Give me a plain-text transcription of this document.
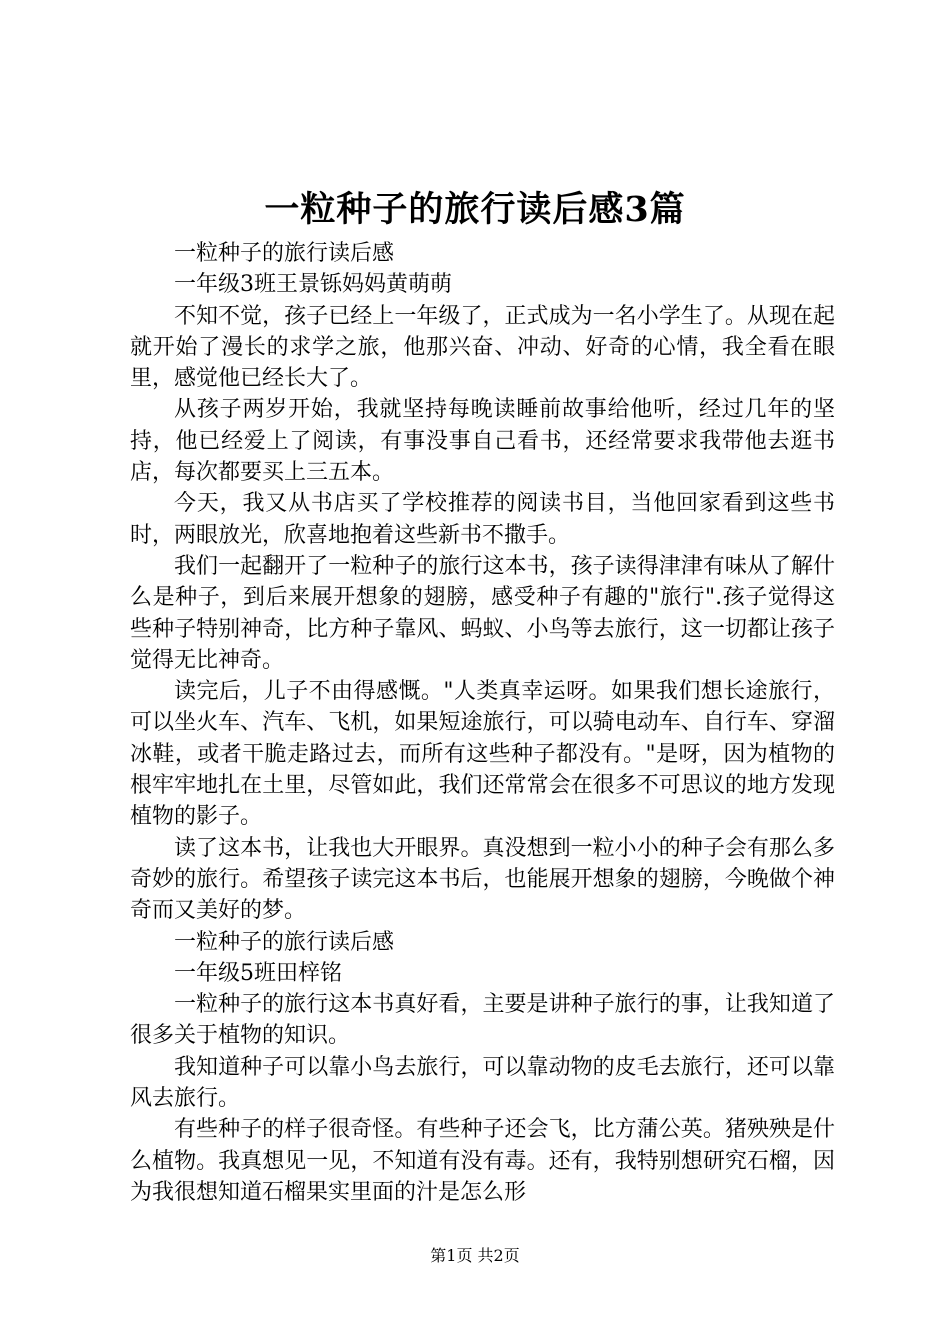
一粒种子的旅行读后感3篇

一粒种子的旅行读后感

一年级3班王景铄妈妈黄萌萌

不知不觉，孩子已经上一年级了，正式成为一名小学生了。从现在起就开始了漫长的求学之旅，他那兴奋、冲动、好奇的心情，我全看在眼里，感觉他已经长大了。

从孩子两岁开始，我就坚持每晚读睡前故事给他听，经过几年的坚持，他已经爱上了阅读，有事没事自己看书，还经常要求我带他去逛书店，每次都要买上三五本。

今天，我又从书店买了学校推荐的阅读书目，当他回家看到这些书时，两眼放光，欣喜地抱着这些新书不撒手。

我们一起翻开了一粒种子的旅行这本书，孩子读得津津有味从了解什么是种子，到后来展开想象的翅膀，感受种子有趣的"旅行".孩子觉得这些种子特别神奇，比方种子靠风、蚂蚁、小鸟等去旅行，这一切都让孩子觉得无比神奇。

读完后，儿子不由得感慨。"人类真幸运呀。如果我们想长途旅行，可以坐火车、汽车、飞机，如果短途旅行，可以骑电动车、自行车、穿溜冰鞋，或者干脆走路过去，而所有这些种子都没有。"是呀，因为植物的根牢牢地扎在土里，尽管如此，我们还常常会在很多不可思议的地方发现植物的影子。

读了这本书，让我也大开眼界。真没想到一粒小小的种子会有那么多奇妙的旅行。希望孩子读完这本书后，也能展开想象的翅膀，今晚做个神奇而又美好的梦。

一粒种子的旅行读后感

一年级5班田梓铭

一粒种子的旅行这本书真好看，主要是讲种子旅行的事，让我知道了很多关于植物的知识。

我知道种子可以靠小鸟去旅行，可以靠动物的皮毛去旅行，还可以靠风去旅行。

有些种子的样子很奇怪。有些种子还会飞，比方蒲公英。猪殃殃是什么植物。我真想见一见，不知道有没有毒。还有，我特别想研究石榴，因为我很想知道石榴果实里面的汁是怎么形

第1页 共2页
